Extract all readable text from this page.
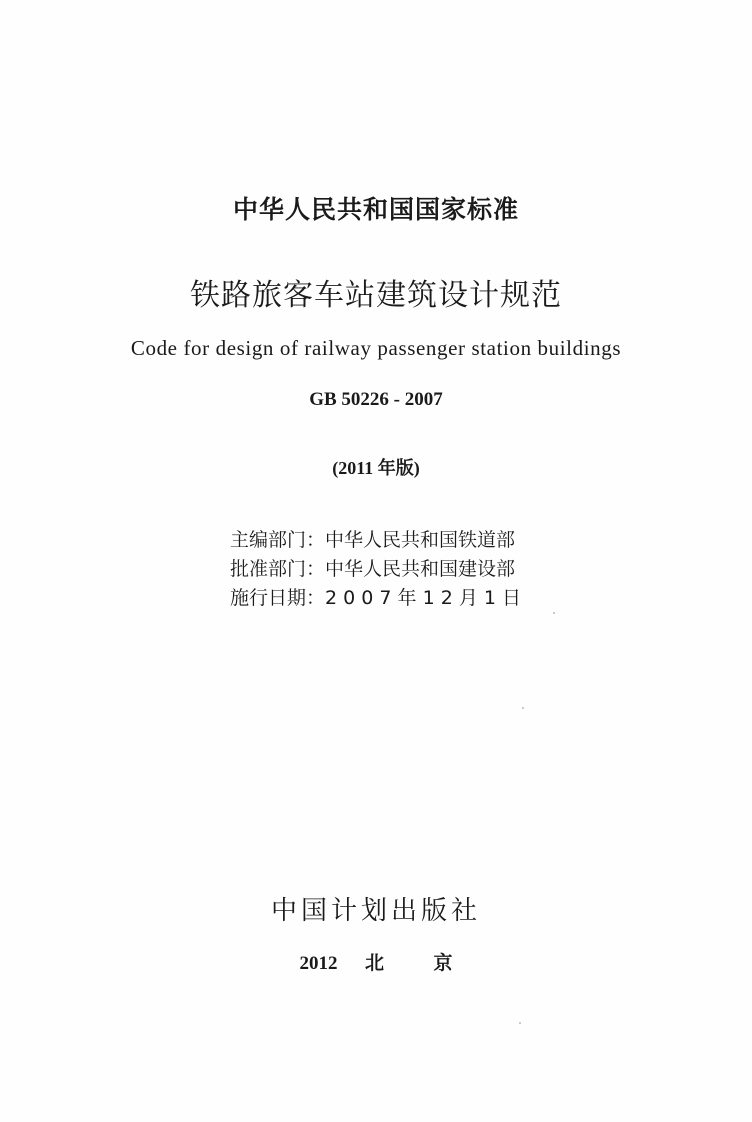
中华人民共和国国家标准
铁路旅客车站建筑设计规范
Code for design of railway passenger station buildings
GB 50226 - 2007
(2011 年版)
主编部门：中华人民共和国铁道部
批准部门：中华人民共和国建设部
施行日期：2 0 0 7 年 1 2 月 1 日
中国计划出版社
2012 北	京
